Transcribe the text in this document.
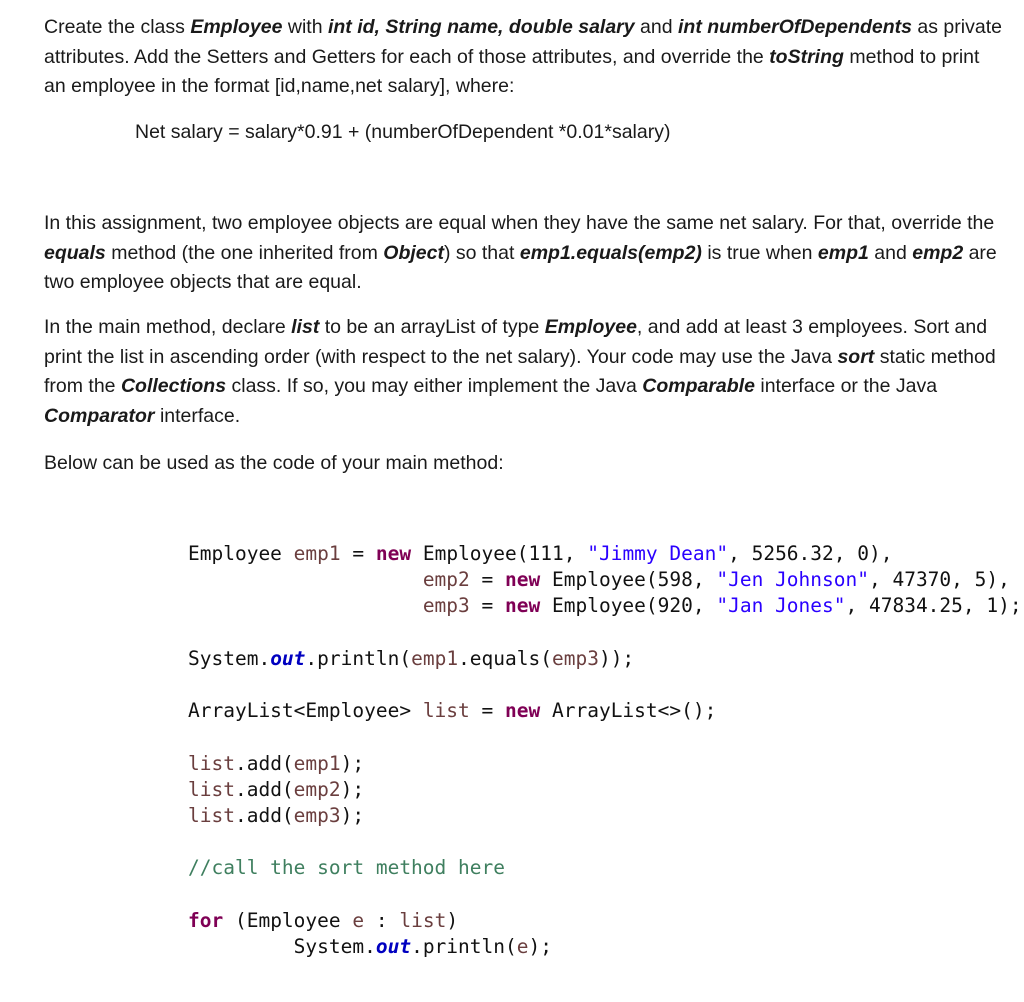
Create the class Employee with int id, String name, double salary and int numberOfDependents as private attributes. Add the Setters and Getters for each of those attributes, and override the toString method to print an employee in the format [id,name,net salary], where:

Net salary = salary*0.91 + (numberOfDependent *0.01*salary)

In this assignment, two employee objects are equal when they have the same net salary. For that, override the equals method (the one inherited from Object) so that emp1.equals(emp2) is true when emp1 and emp2 are two employee objects that are equal.

In the main method, declare list to be an arrayList of type Employee, and add at least 3 employees. Sort and print the list in ascending order (with respect to the net salary). Your code may use the Java sort static method from the Collections class. If so, you may either implement the Java Comparable interface or the Java Comparator interface.

Below can be used as the code of your main method:

Employee emp1 = new Employee(111, "Jimmy Dean", 5256.32, 0),
emp2 = new Employee(598, "Jen Johnson", 47370, 5),
emp3 = new Employee(920, "Jan Jones", 47834.25, 1);

System.out.println(emp1.equals(emp3));

ArrayList<Employee> list = new ArrayList<>();

list.add(emp1);
list.add(emp2);
list.add(emp3);

//call the sort method here

for (Employee e : list)
System.out.println(e);
